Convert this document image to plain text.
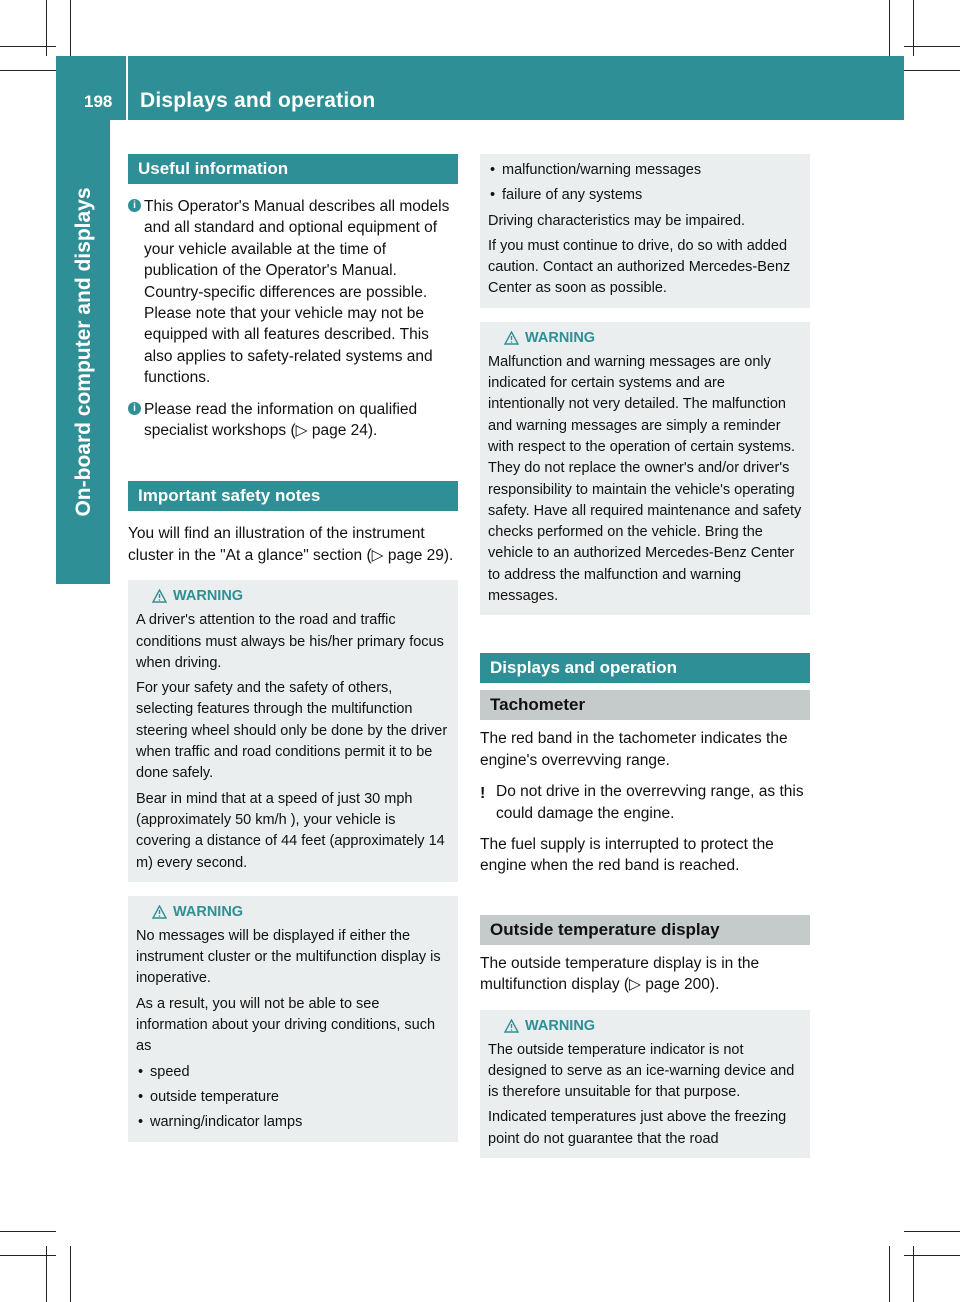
198 Displays and operation
On-board computer and displays
Useful information

i This Operator's Manual describes all models and all standard and optional equipment of your vehicle available at the time of publication of the Operator's Manual. Country-specific differences are possible. Please note that your vehicle may not be equipped with all features described. This also applies to safety-related systems and functions.

i Please read the information on qualified specialist workshops (▷ page 24).

Important safety notes

You will find an illustration of the instrument cluster in the "At a glance" section (▷ page 29).

WARNING

A driver's attention to the road and traffic conditions must always be his/her primary focus when driving.

For your safety and the safety of others, selecting features through the multifunction steering wheel should only be done by the driver when traffic and road conditions permit it to be done safely.

Bear in mind that at a speed of just 30 mph (approximately 50 km/h ), your vehicle is covering a distance of 44 feet (approximately 14 m) every second.

WARNING

No messages will be displayed if either the instrument cluster or the multifunction display is inoperative.

As a result, you will not be able to see information about your driving conditions, such as

• speed

• outside temperature

• warning/indicator lamps

• malfunction/warning messages

• failure of any systems

Driving characteristics may be impaired.

If you must continue to drive, do so with added caution. Contact an authorized Mercedes-Benz Center as soon as possible.

WARNING

Malfunction and warning messages are only indicated for certain systems and are intentionally not very detailed. The malfunction and warning messages are simply a reminder with respect to the operation of certain systems. They do not replace the owner's and/or driver's responsibility to maintain the vehicle's operating safety. Have all required maintenance and safety checks performed on the vehicle. Bring the vehicle to an authorized Mercedes-Benz Center to address the malfunction and warning messages.

Displays and operation
Tachometer

The red band in the tachometer indicates the engine's overrevving range.

! Do not drive in the overrevving range, as this could damage the engine.

The fuel supply is interrupted to protect the engine when the red band is reached.

Outside temperature display

The outside temperature display is in the multifunction display (▷ page 200).

WARNING

The outside temperature indicator is not designed to serve as an ice-warning device and is therefore unsuitable for that purpose.

Indicated temperatures just above the freezing point do not guarantee that the road
